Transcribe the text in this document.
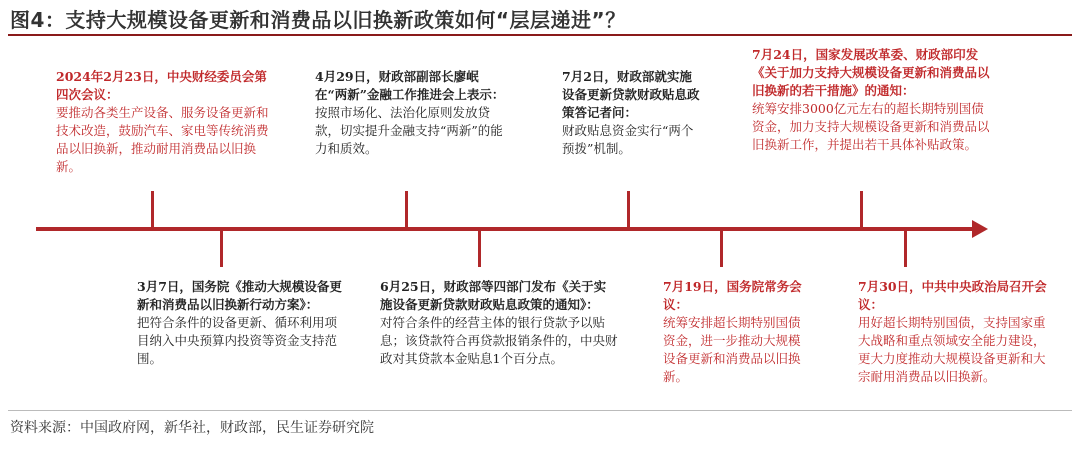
图4：支持大规模设备更新和消费品以旧换新政策如何“层层递进”？
2024年2月23日，中央财经委员会第四次会议：
要推动各类生产设备、服务设备更新和技术改造，鼓励汽车、家电等传统消费品以旧换新，推动耐用消费品以旧换新。
3月7日，国务院《推动大规模设备更新和消费品以旧换新行动方案》：
把符合条件的设备更新、循环利用项目纳入中央预算内投资等资金支持范围。
4月29日，财政部副部长廖岷在“两新”金融工作推进会上表示：
按照市场化、法治化原则发放贷款，切实提升金融支持“两新”的能力和质效。
6月25日，财政部等四部门发布《关于实施设备更新贷款财政贴息政策的通知》：
对符合条件的经营主体的银行贷款予以贴息；该贷款符合再贷款报销条件的，中央财政对其贷款本金贴息1个百分点。
7月2日，财政部就实施设备更新贷款财政贴息政策答记者问：
财政贴息资金实行“两个预拨”机制。
7月19日，国务院常务会议：
统筹安排超长期特别国债资金，进一步推动大规模设备更新和消费品以旧换新。
7月24日，国家发展改革委、财政部印发《关于加力支持大规模设备更新和消费品以旧换新的若干措施》的通知：
统筹安排3000亿元左右的超长期特别国债资金，加力支持大规模设备更新和消费品以旧换新工作，并提出若干具体补贴政策。
7月30日，中共中央政治局召开会议：
用好超长期特别国债，支持国家重大战略和重点领域安全能力建设，更大力度推动大规模设备更新和大宗耐用消费品以旧换新。
资料来源：中国政府网，新华社，财政部，民生证券研究院
